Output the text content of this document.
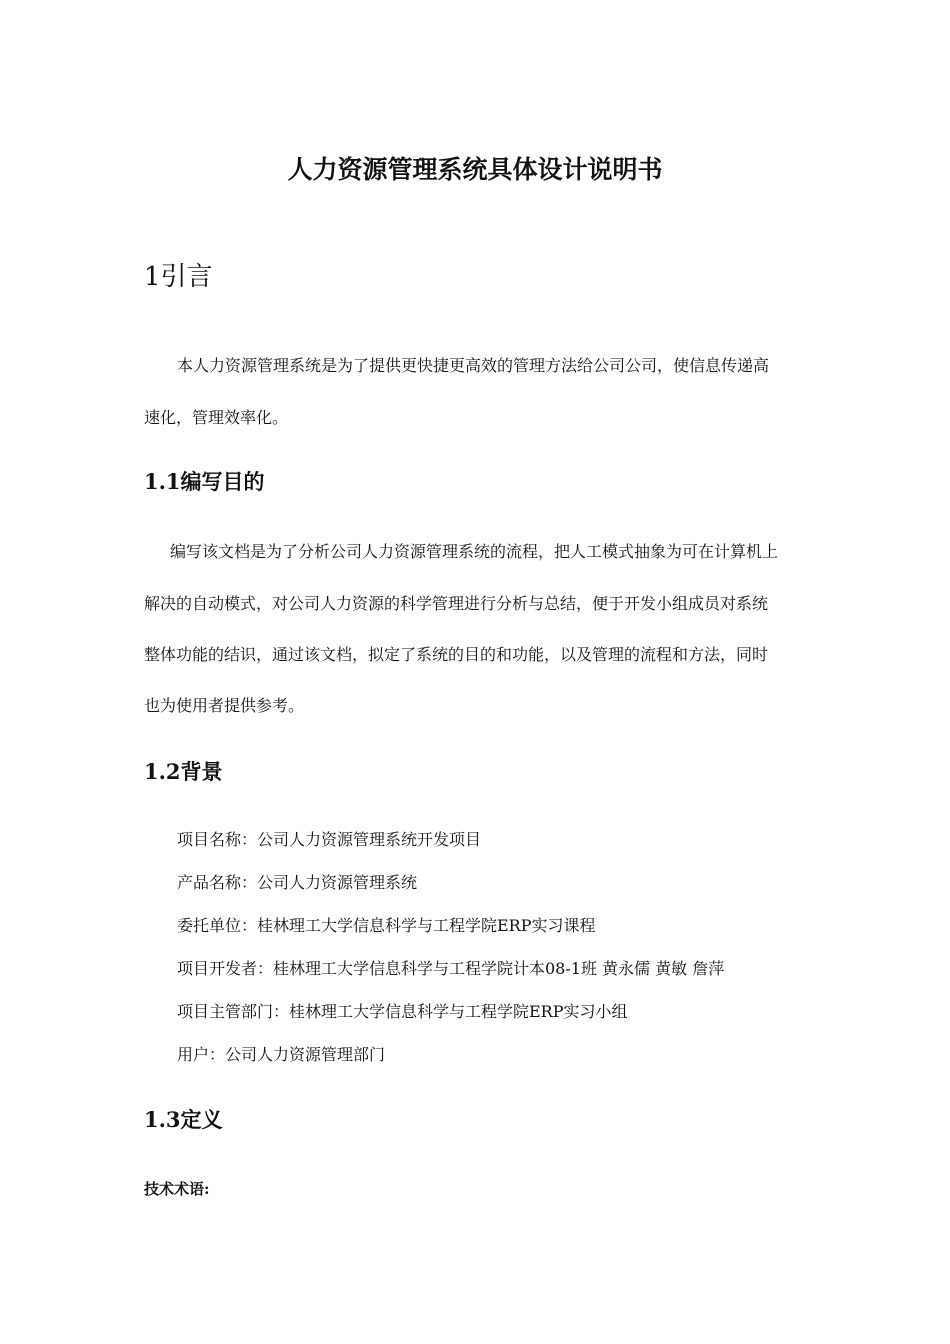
人力资源管理系统具体设计说明书
1引言
本人力资源管理系统是为了提供更快捷更高效的管理方法给公司公司，使信息传递高
速化，管理效率化。
1.1编写目的
编写该文档是为了分析公司人力资源管理系统的流程，把人工模式抽象为可在计算机上
解决的自动模式，对公司人力资源的科学管理进行分析与总结，便于开发小组成员对系统
整体功能的结识，通过该文档，拟定了系统的目的和功能，以及管理的流程和方法，同时
也为使用者提供参考。
1.2背景
项目名称：公司人力资源管理系统开发项目
产品名称：公司人力资源管理系统
委托单位：桂林理工大学信息科学与工程学院ERP实习课程
项目开发者：桂林理工大学信息科学与工程学院计本08-1班 黄永儒 黄敏 詹萍
项目主管部门：桂林理工大学信息科学与工程学院ERP实习小组
用户：公司人力资源管理部门
1.3定义
技术术语:
